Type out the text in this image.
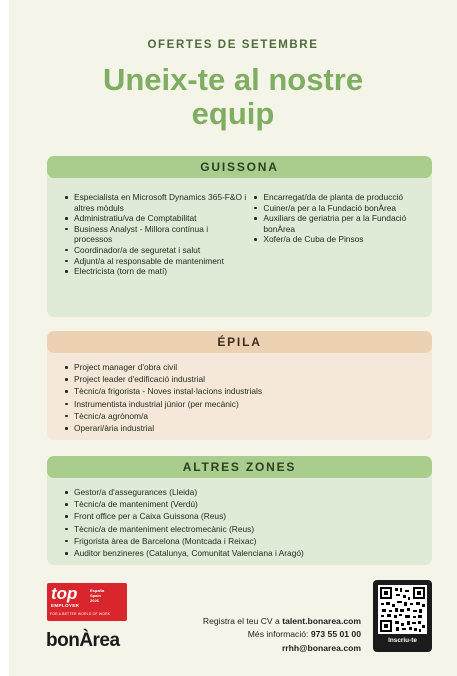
OFERTES DE SETEMBRE
Uneix-te al nostre
equip
GUISSONA
Especialista en Microsoft Dynamics 365-F&O i altres mòduls
Administratiu/va de Comptabilitat
Business Analyst - Millora contínua i processos
Coordinador/a de seguretat i salut
Adjunt/a al responsable de manteniment
Electricista (torn de matí)
Encarregat/da de planta de producció
Cuiner/a per a la Fundació bonÀrea
Auxiliars de geriatria per a la Fundació bonÀrea
Xofer/a de Cuba de Pinsos
ÉPILA
Project manager d'obra civil
Project leader d'edificació industrial
Tècnic/a frigorista - Noves instal·lacions industrials
Instrumentista industrial júnior (per mecànic)
Tècnic/a agrònom/a
Operari/ària industrial
ALTRES ZONES
Gestor/a d'assegurances (Lleida)
Tècnic/a de manteniment (Verdú)
Front office per a Caixa Guissona (Reus)
Tècnic/a de manteniment electromecànic (Reus)
Frigorista àrea de Barcelona (Montcada i Reixac)
Auditor benzineres (Catalunya, Comunitat Valenciana i Aragó)
top
EMPLOYER
España
Spain
2026
FOR A BETTER WORLD OF WORK
bonÀrea
Registra el teu CV a talent.bonarea.com
Més informació: 973 55 01 00
rrhh@bonarea.com
Inscriu-te
